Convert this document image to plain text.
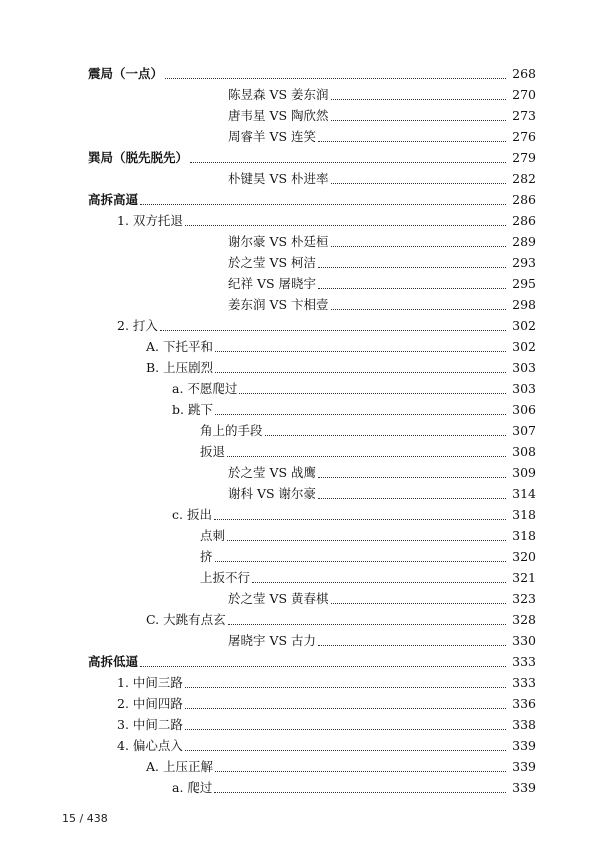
震局（一点）	268
陈昱森 VS 姜东润	270
唐韦星 VS 陶欣然	273
周睿羊 VS 连笑	276
巽局（脱先脱先）	279
朴键昊 VS 朴进率	282
高拆高逼	286
1. 双方托退	286
谢尔豪 VS 朴廷桓	289
於之莹 VS 柯洁	293
纪祥 VS 屠晓宇	295
姜东润 VS 卞相壹	298
2. 打入	302
A. 下托平和	302
B. 上压剧烈	303
a. 不愿爬过	303
b. 跳下	306
角上的手段	307
扳退	308
於之莹 VS 战鹰	309
谢科 VS 谢尔豪	314
c. 扳出	318
点刺	318
挤	320
上扳不行	321
於之莹 VS 黄春棋	323
C. 大跳有点玄	328
屠晓宇 VS 古力	330
高拆低逼	333
1. 中间三路	333
2. 中间四路	336
3. 中间二路	338
4. 偏心点入	339
A. 上压正解	339
a. 爬过	339
15 / 438
